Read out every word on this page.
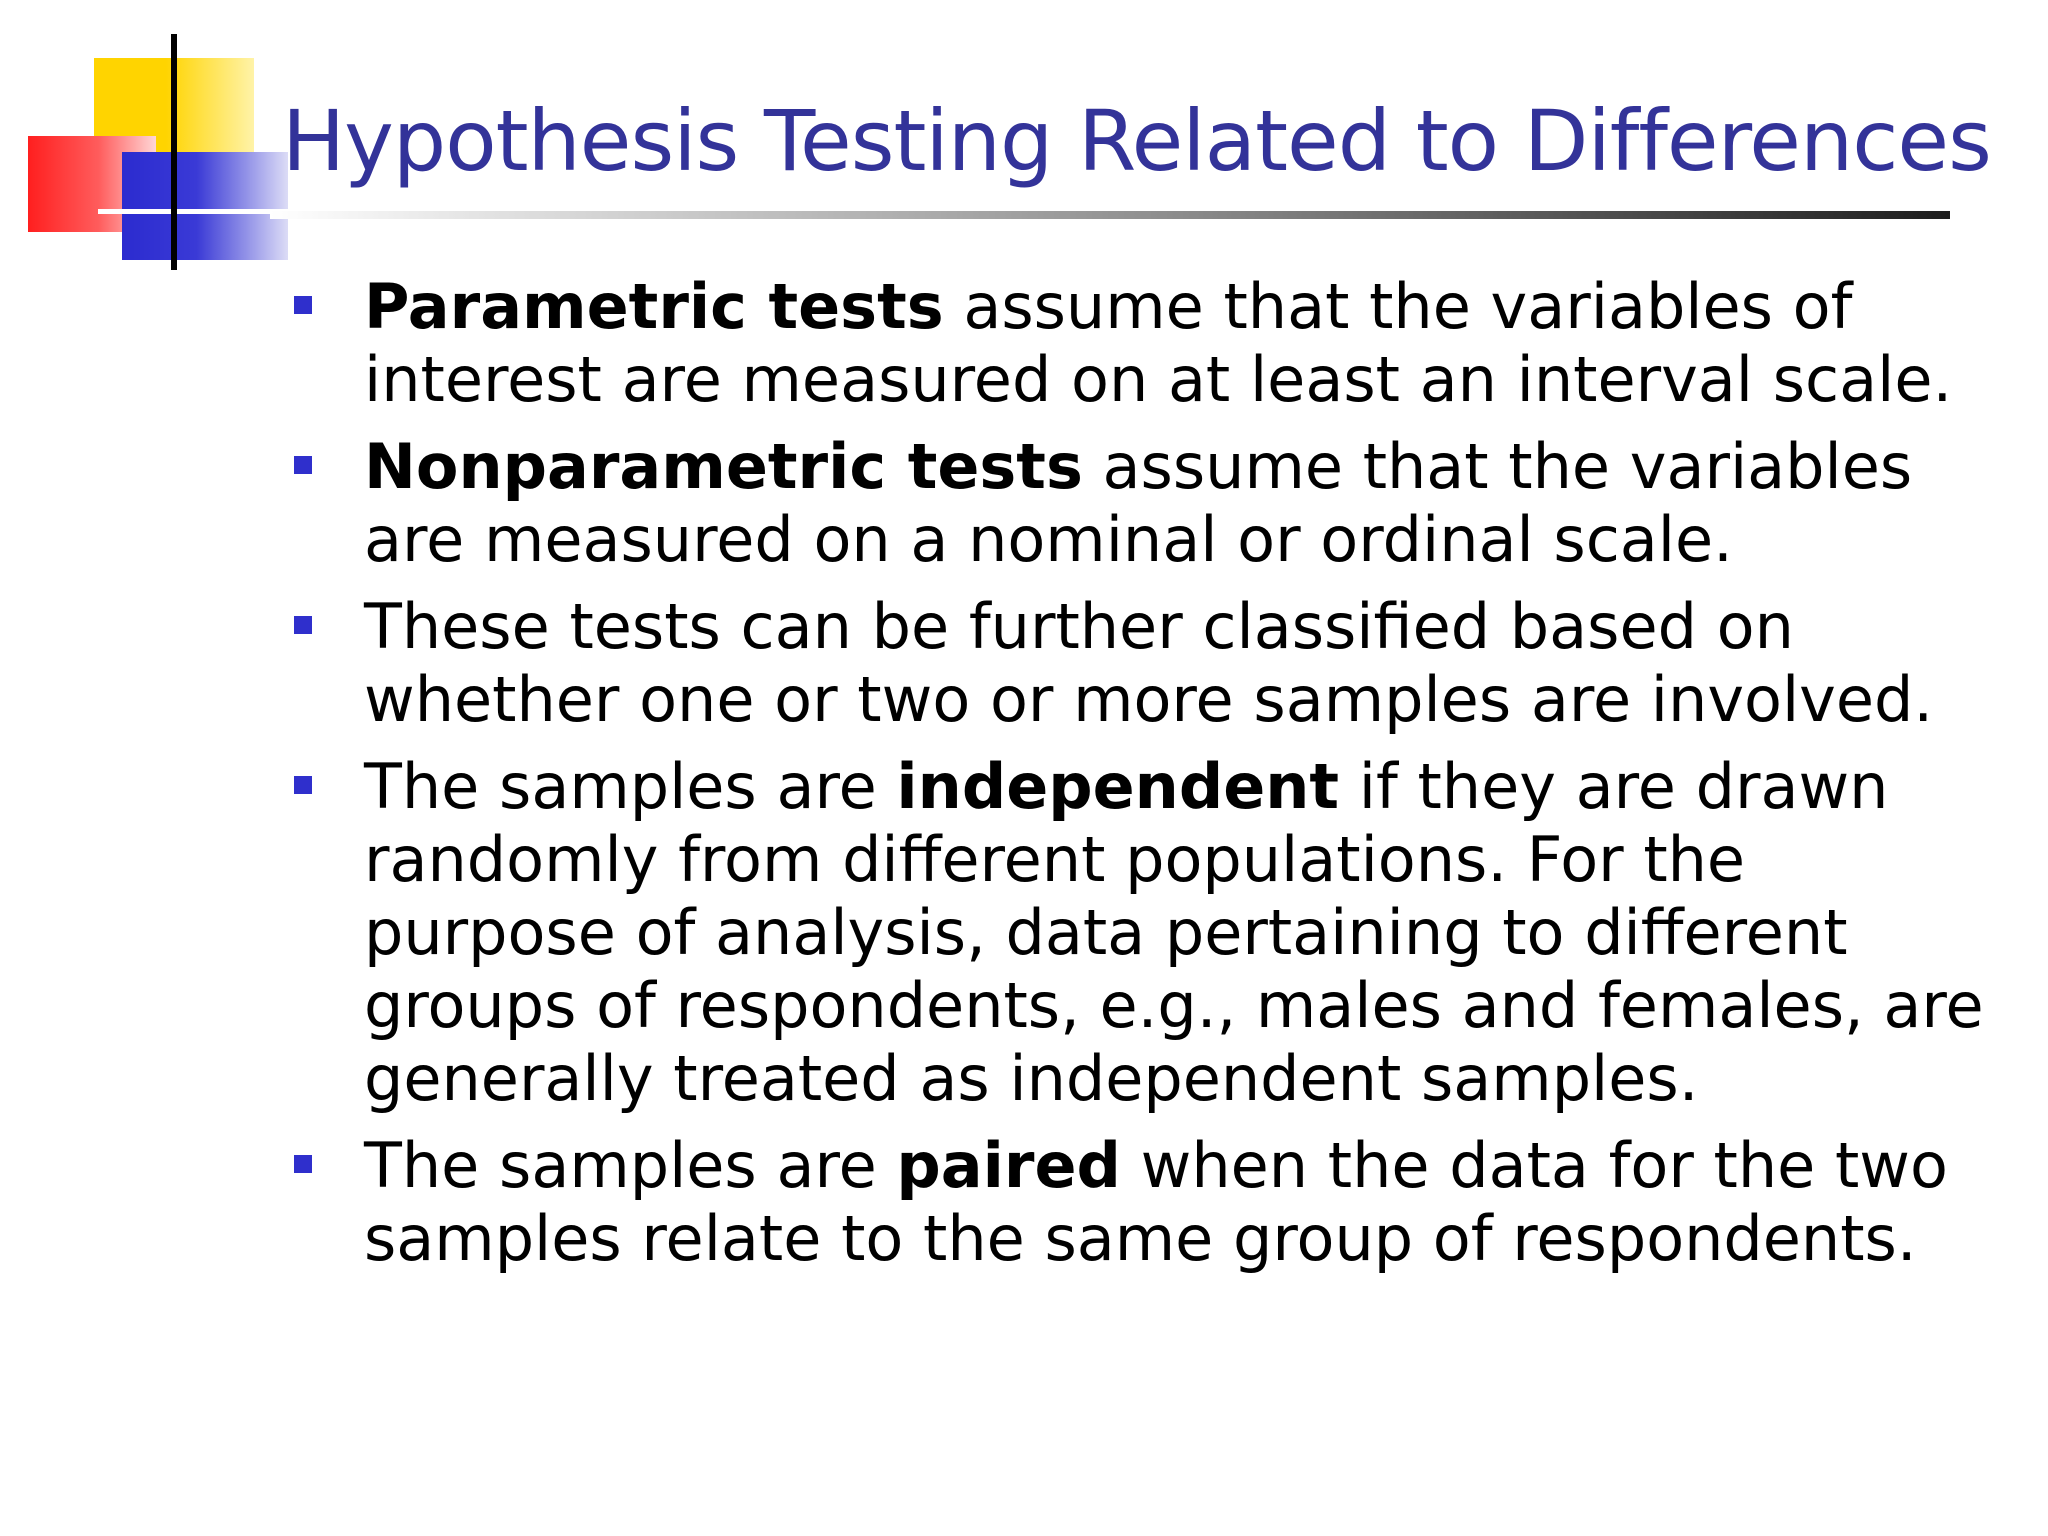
Hypothesis Testing Related to Differences
Parametric tests assume that the variables of interest are measured on at least an interval scale.
Nonparametric tests assume that the variables are measured on a nominal or ordinal scale.
These tests can be further classified based on whether one or two or more samples are involved.
The samples are independent if they are drawn randomly from different populations. For the purpose of analysis, data pertaining to different groups of respondents, e.g., males and females, are generally treated as independent samples.
The samples are paired when the data for the two samples relate to the same group of respondents.
